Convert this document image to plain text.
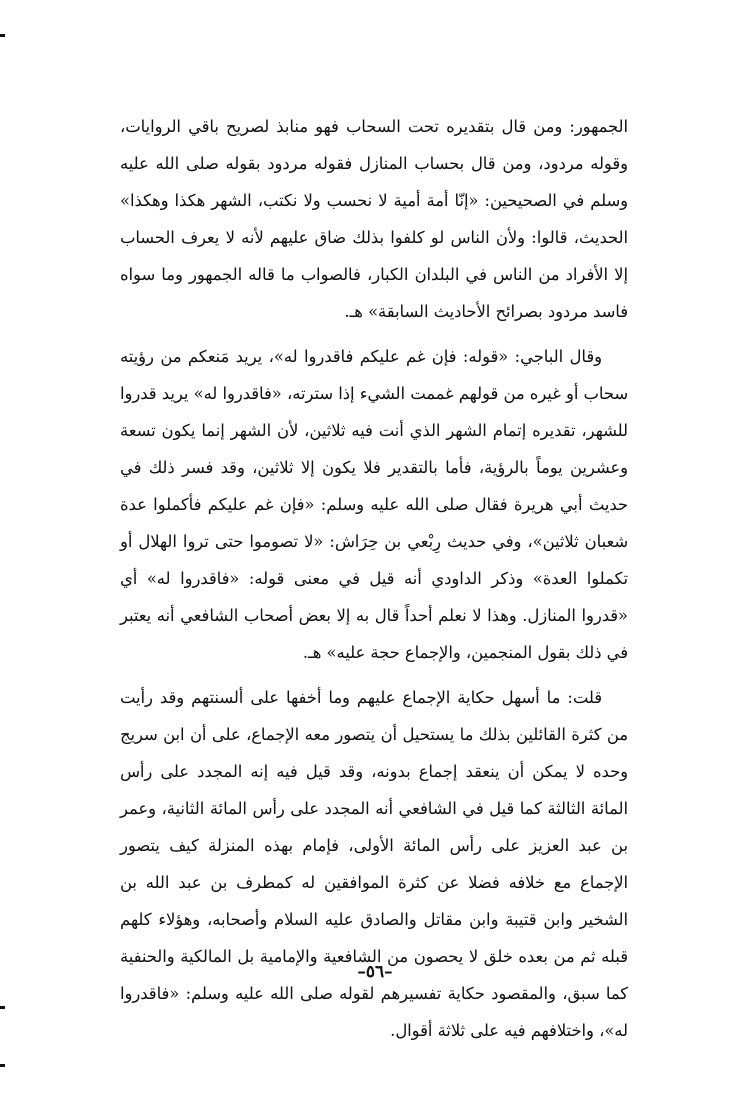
الجمهور: ومن قال بتقديره تحت السحاب فهو منابذ لصريح باقي الروايات، وقوله مردود، ومن قال بحساب المنازل فقوله مردود بقوله صلى الله عليه وسلم في الصحيحين: «إنّا أمة أمية لا نحسب ولا نكتب، الشهر هكذا وهكذا» الحديث، قالوا: ولأن الناس لو كلفوا بذلك ضاق عليهم لأنه لا يعرف الحساب إلا الأفراد من الناس في البلدان الكبار، فالصواب ما قاله الجمهور وما سواه فاسد مردود بصرائح الأحاديث السابقة» هـ.

وقال الباجي: «قوله: فإن غم عليكم فاقدروا له»، يريد مَنعكم من رؤيته سحاب أو غيره من قولهم غممت الشيء إذا سترته، «فاقدروا له» يريد قدروا للشهر، تقديره إتمام الشهر الذي أنت فيه ثلاثين، لأن الشهر إنما يكون تسعة وعشرين يوماً بالرؤية، فأما بالتقدير فلا يكون إلا ثلاثين، وقد فسر ذلك في حديث أبي هريرة فقال صلى الله عليه وسلم: «فإن غم عليكم فأكملوا عدة شعبان ثلاثين»، وفي حديث رِبْعي بن حِرَاش: «لا تصوموا حتى تروا الهلال أو تكملوا العدة» وذكر الداودي أنه قيل في معنى قوله: «فاقدروا له» أي «قدروا المنازل. وهذا لا نعلم أحداً قال به إلا بعض أصحاب الشافعي أنه يعتبر في ذلك بقول المنجمين، والإجماع حجة عليه» هـ.

قلت: ما أسهل حكاية الإجماع عليهم وما أخفها على ألسنتهم وقد رأيت من كثرة القائلين بذلك ما يستحيل أن يتصور معه الإجماع، على أن ابن سريج وحده لا يمكن أن ينعقد إجماع بدونه، وقد قيل فيه إنه المجدد على رأس المائة الثالثة كما قيل في الشافعي أنه المجدد على رأس المائة الثانية، وعمر بن عبد العزيز على رأس المائة الأولى، فإمام بهذه المنزلة كيف يتصور الإجماع مع خلافه فضلا عن كثرة الموافقين له كمطرف بن عبد الله بن الشخير وابن قتيبة وابن مقاتل والصادق عليه السلام وأصحابه، وهؤلاء كلهم قبله ثم من بعده خلق لا يحصون من الشافعية والإمامية بل المالكية والحنفية كما سبق، والمقصود حكاية تفسيرهم لقوله صلى الله عليه وسلم: «فاقدروا له»، واختلافهم فيه على ثلاثة أقوال.

–٥٦–
